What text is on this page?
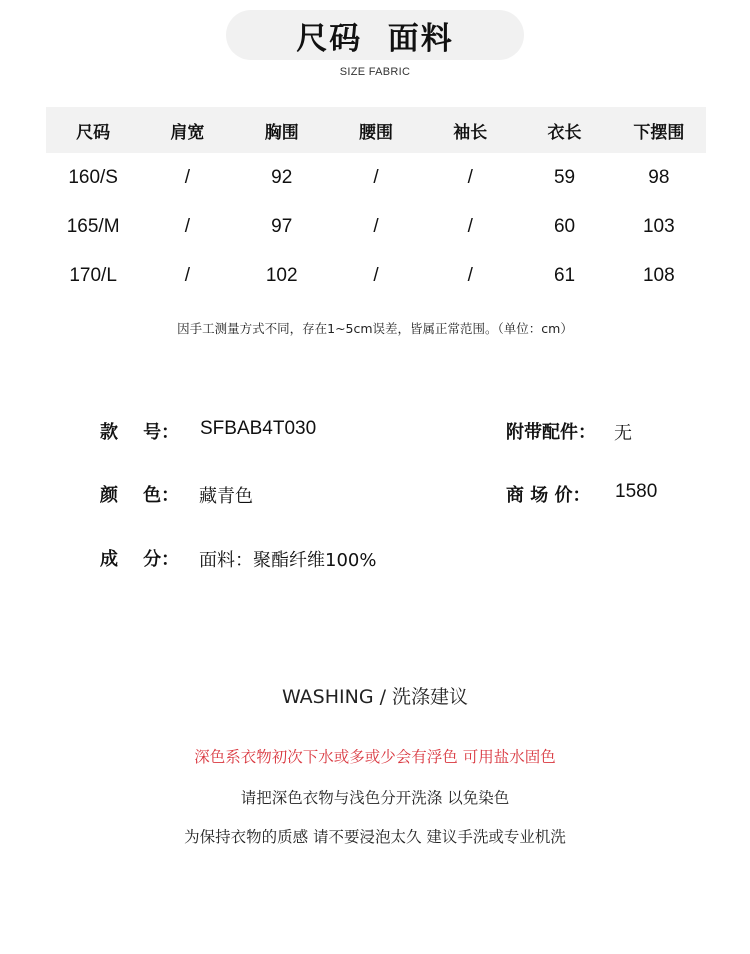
尺码  面料
SIZE FABRIC
尺码	肩宽	胸围	腰围	袖长	衣长	下摆围
160/S	/	92	/	/	59	98
165/M	/	97	/	/	60	103
170/L	/	102	/	/	61	108
因手工测量方式不同，存在1~5cm误差，皆属正常范围。（单位：cm）
款    号： SFBAB4T030	附带配件： 无
颜    色： 藏青色	商 场 价： 1580
成    分： 面料：聚酯纤维100%
WASHING / 洗涤建议
深色系衣物初次下水或多或少会有浮色 可用盐水固色
请把深色衣物与浅色分开洗涤 以免染色
为保持衣物的质感 请不要浸泡太久 建议手洗或专业机洗
